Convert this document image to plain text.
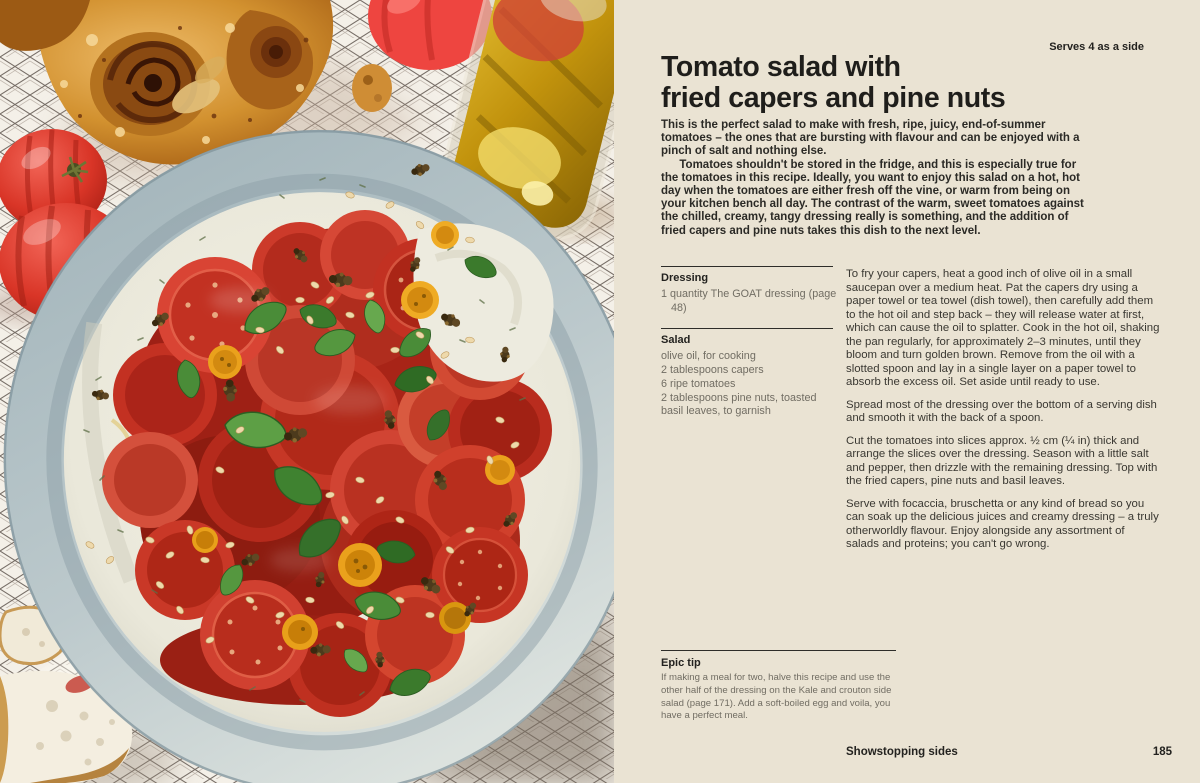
Tomato salad with
fried capers and pine nuts
Serves 4 as a side

This is the perfect salad to make with fresh, ripe, juicy, end-of-summer tomatoes – the ones that are bursting with flavour and can be enjoyed with a pinch of salt and nothing else.

Tomatoes shouldn't be stored in the fridge, and this is especially true for the tomatoes in this recipe. Ideally, you want to enjoy this salad on a hot, hot day when the tomatoes are either fresh off the vine, or warm from being on your kitchen bench all day. The contrast of the warm, sweet tomatoes against the chilled, creamy, tangy dressing really is something, and the addition of fried capers and pine nuts takes this dish to the next level.

Dressing
1 quantity The GOAT dressing (page 48)
Salad
olive oil, for cooking
2 tablespoons capers
6 ripe tomatoes
2 tablespoons pine nuts, toasted
basil leaves, to garnish

To fry your capers, heat a good inch of olive oil in a small saucepan over a medium heat. Pat the capers dry using a paper towel or tea towel (dish towel), then carefully add them to the hot oil and step back – they will release water at first, which can cause the oil to splatter. Cook in the hot oil, shaking the pan regularly, for approximately 2–3 minutes, until they bloom and turn golden brown. Remove from the oil with a slotted spoon and lay in a single layer on a paper towel to absorb the excess oil. Set aside until ready to use.

Spread most of the dressing over the bottom of a serving dish and smooth it with the back of a spoon.

Cut the tomatoes into slices approx. ½ cm (¼ in) thick and arrange the slices over the dressing. Season with a little salt and pepper, then drizzle with the remaining dressing. Top with the fried capers, pine nuts and basil leaves.

Serve with focaccia, bruschetta or any kind of bread so you can soak up the delicious juices and creamy dressing – a truly otherworldly flavour. Enjoy alongside any assortment of salads and proteins; you can't go wrong.

Epic tip

If making a meal for two, halve this recipe and use the other half of the dressing on the Kale and crouton side salad (page 171). Add a soft-boiled egg and voila, you have a perfect meal.

Showstopping sides	185
